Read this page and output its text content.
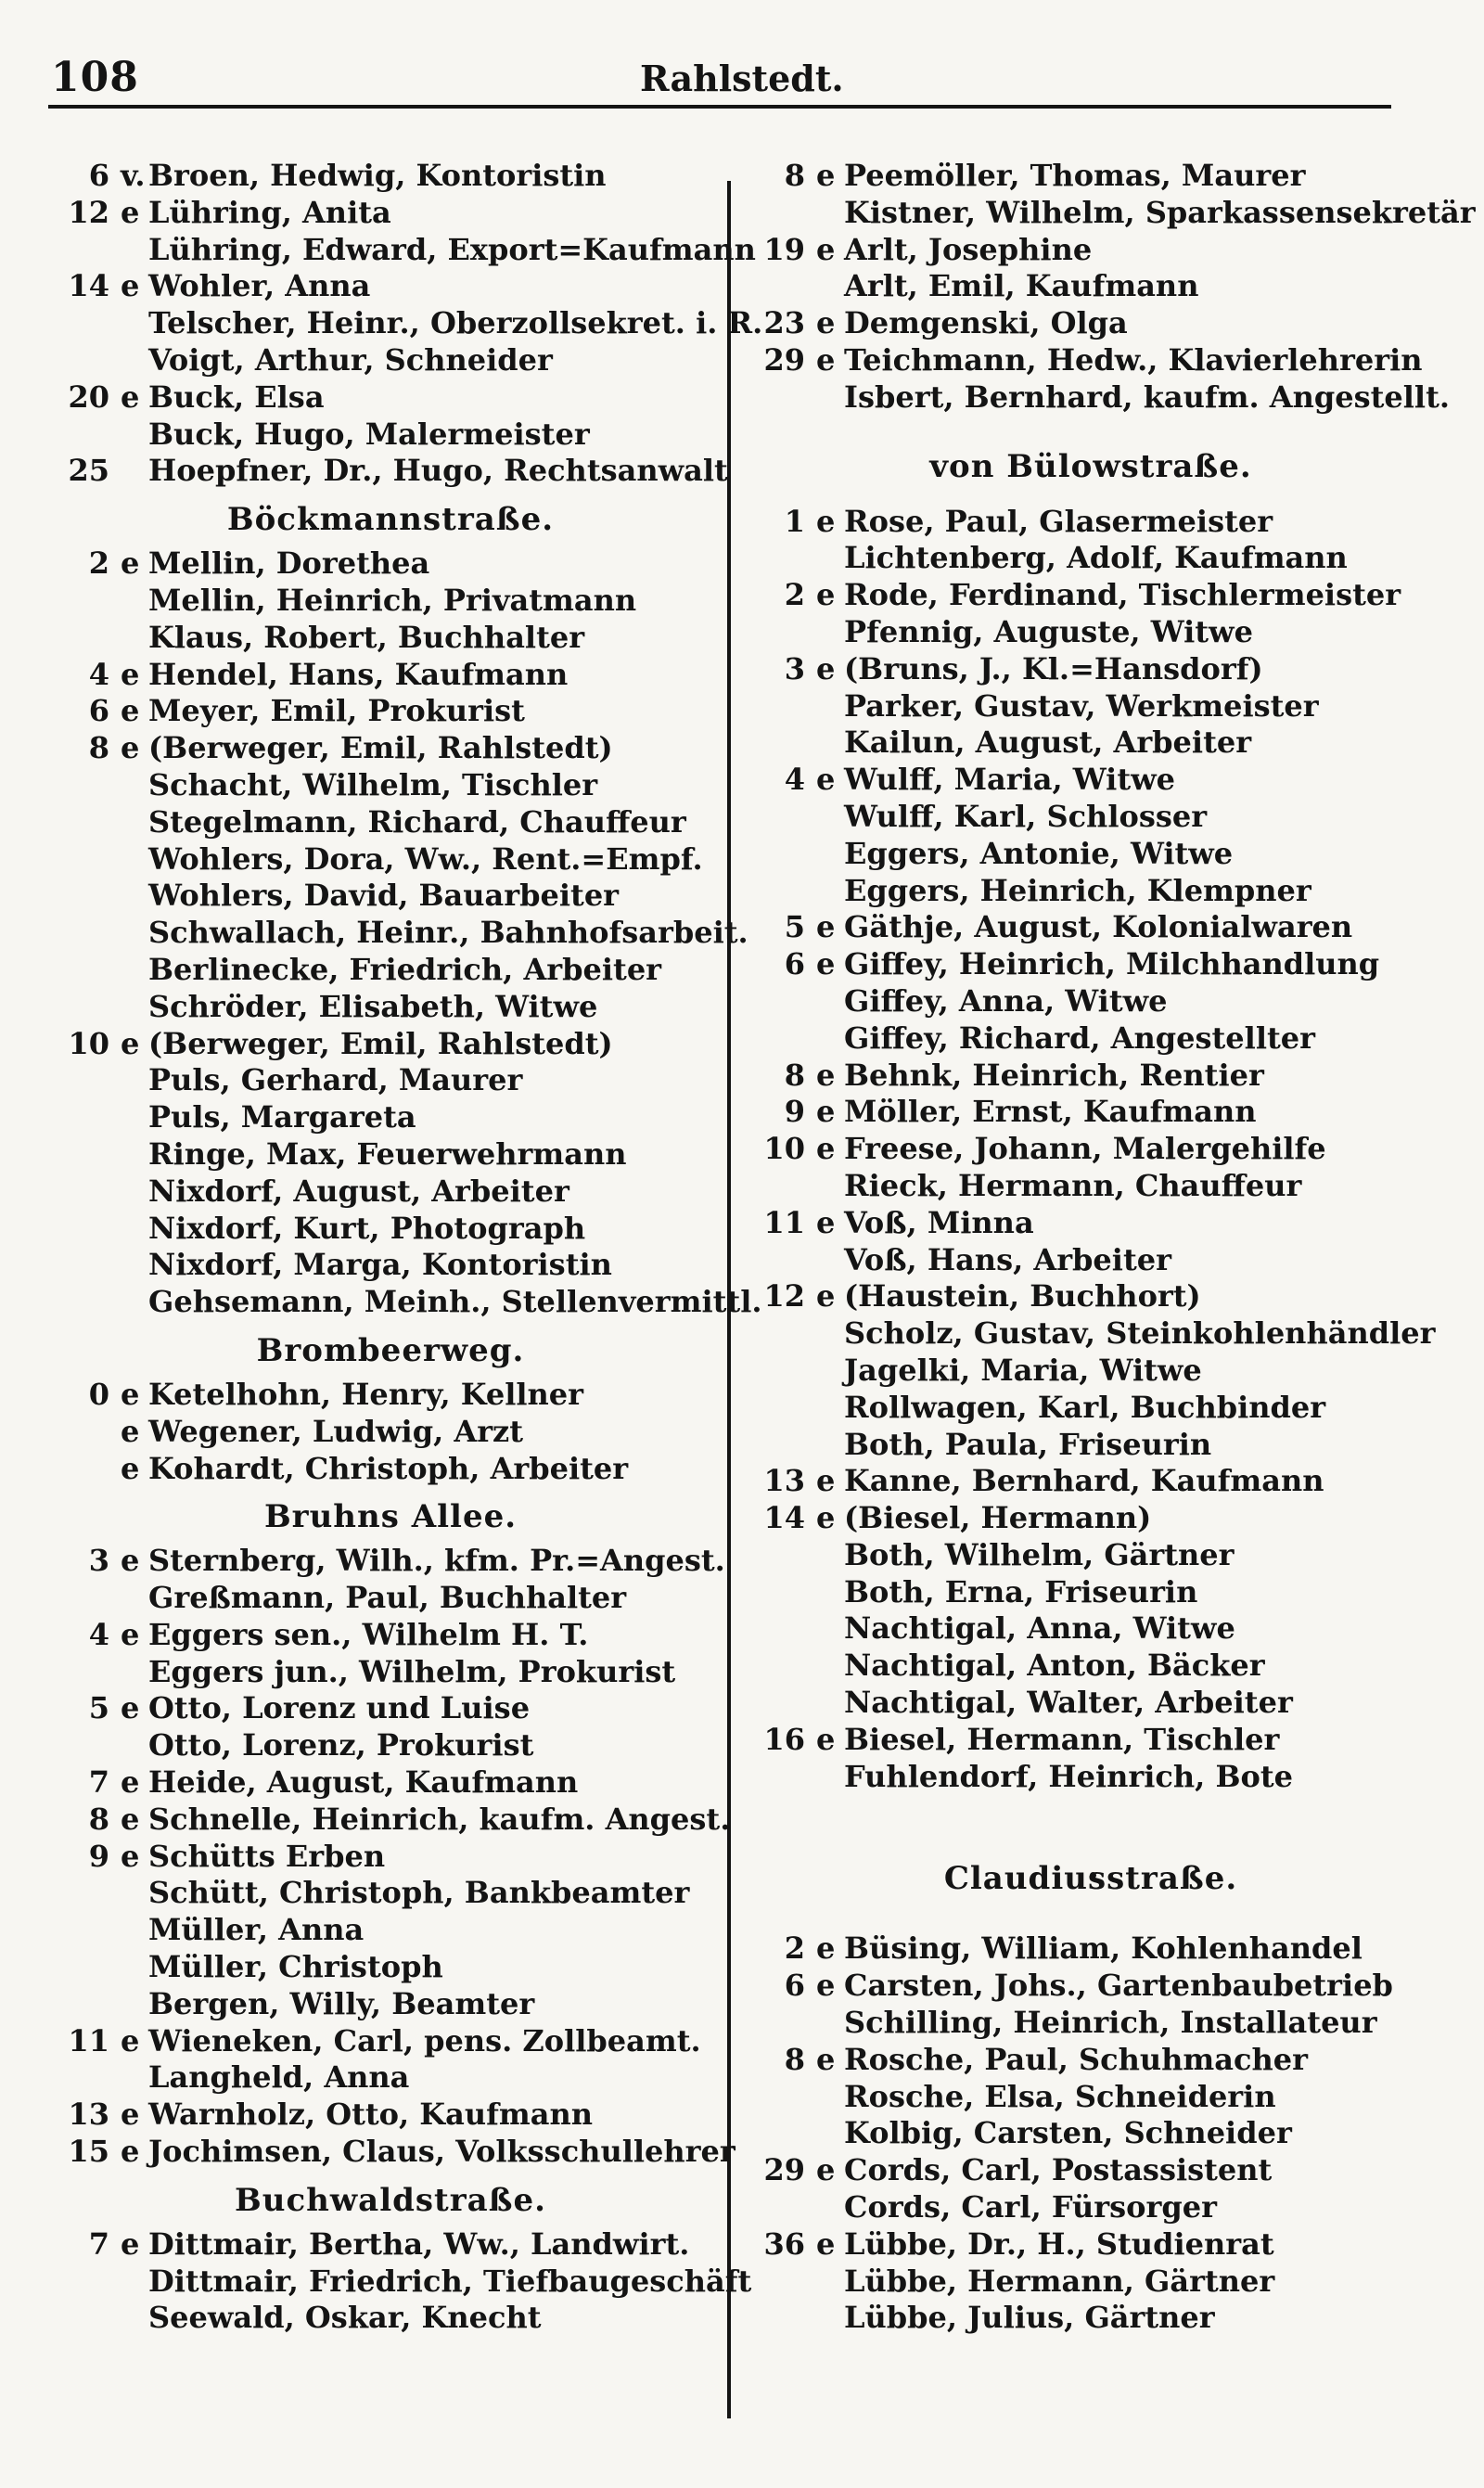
108	Rahlstedt.
6 v. Broen, Hedwig, Kontoristin
12 e Lühring, Anita
Lühring, Edward, Export=Kaufmann
14 e Wohler, Anna
Telscher, Heinr., Oberzollsekret. i. R.
Voigt, Arthur, Schneider
20 e Buck, Elsa
Buck, Hugo, Malermeister
25 Hoepfner, Dr., Hugo, Rechtsanwalt
Böckmannstraße.
2 e Mellin, Dorethea
Mellin, Heinrich, Privatmann
Klaus, Robert, Buchhalter
4 e Hendel, Hans, Kaufmann
6 e Meyer, Emil, Prokurist
8 e (Berweger, Emil, Rahlstedt)
Schacht, Wilhelm, Tischler
Stegelmann, Richard, Chauffeur
Wohlers, Dora, Ww., Rent.=Empf.
Wohlers, David, Bauarbeiter
Schwallach, Heinr., Bahnhofsarbeit.
Berlinecke, Friedrich, Arbeiter
Schröder, Elisabeth, Witwe
10 e (Berweger, Emil, Rahlstedt)
Puls, Gerhard, Maurer
Puls, Margareta
Ringe, Max, Feuerwehrmann
Nixdorf, August, Arbeiter
Nixdorf, Kurt, Photograph
Nixdorf, Marga, Kontoristin
Gehsemann, Meinh., Stellenvermittl.
Brombeerweg.
0 e Ketelhohn, Henry, Kellner
e Wegener, Ludwig, Arzt
e Kohardt, Christoph, Arbeiter
Bruhns Allee.
3 e Sternberg, Wilh., kfm. Pr.=Angest.
Greßmann, Paul, Buchhalter
4 e Eggers sen., Wilhelm H. T.
Eggers jun., Wilhelm, Prokurist
5 e Otto, Lorenz und Luise
Otto, Lorenz, Prokurist
7 e Heide, August, Kaufmann
8 e Schnelle, Heinrich, kaufm. Angest.
9 e Schütts Erben
Schütt, Christoph, Bankbeamter
Müller, Anna
Müller, Christoph
Bergen, Willy, Beamter
11 e Wieneken, Carl, pens. Zollbeamt.
Langheld, Anna
13 e Warnholz, Otto, Kaufmann
15 e Jochimsen, Claus, Volksschullehrer
Buchwaldstraße.
7 e Dittmair, Bertha, Ww., Landwirt.
Dittmair, Friedrich, Tiefbaugeschäft
Seewald, Oskar, Knecht
8 e Peemöller, Thomas, Maurer
Kistner, Wilhelm, Sparkassensekretär
19 e Arlt, Josephine
Arlt, Emil, Kaufmann
23 e Demgenski, Olga
29 e Teichmann, Hedw., Klavierlehrerin
Isbert, Bernhard, kaufm. Angestellt.
von Bülowstraße.
1 e Rose, Paul, Glasermeister
Lichtenberg, Adolf, Kaufmann
2 e Rode, Ferdinand, Tischlermeister
Pfennig, Auguste, Witwe
3 e (Bruns, J., Kl.=Hansdorf)
Parker, Gustav, Werkmeister
Kailun, August, Arbeiter
4 e Wulff, Maria, Witwe
Wulff, Karl, Schlosser
Eggers, Antonie, Witwe
Eggers, Heinrich, Klempner
5 e Gäthje, August, Kolonialwaren
6 e Giffey, Heinrich, Milchhandlung
Giffey, Anna, Witwe
Giffey, Richard, Angestellter
8 e Behnk, Heinrich, Rentier
9 e Möller, Ernst, Kaufmann
10 e Freese, Johann, Malergehilfe
Rieck, Hermann, Chauffeur
11 e Voß, Minna
Voß, Hans, Arbeiter
12 e (Haustein, Buchhort)
Scholz, Gustav, Steinkohlenhändler
Jagelki, Maria, Witwe
Rollwagen, Karl, Buchbinder
Both, Paula, Friseurin
13 e Kanne, Bernhard, Kaufmann
14 e (Biesel, Hermann)
Both, Wilhelm, Gärtner
Both, Erna, Friseurin
Nachtigal, Anna, Witwe
Nachtigal, Anton, Bäcker
Nachtigal, Walter, Arbeiter
16 e Biesel, Hermann, Tischler
Fuhlendorf, Heinrich, Bote
Claudiusstraße.
2 e Büsing, William, Kohlenhandel
6 e Carsten, Johs., Gartenbaubetrieb
Schilling, Heinrich, Installateur
8 e Rosche, Paul, Schuhmacher
Rosche, Elsa, Schneiderin
Kolbig, Carsten, Schneider
29 e Cords, Carl, Postassistent
Cords, Carl, Fürsorger
36 e Lübbe, Dr., H., Studienrat
Lübbe, Hermann, Gärtner
Lübbe, Julius, Gärtner
